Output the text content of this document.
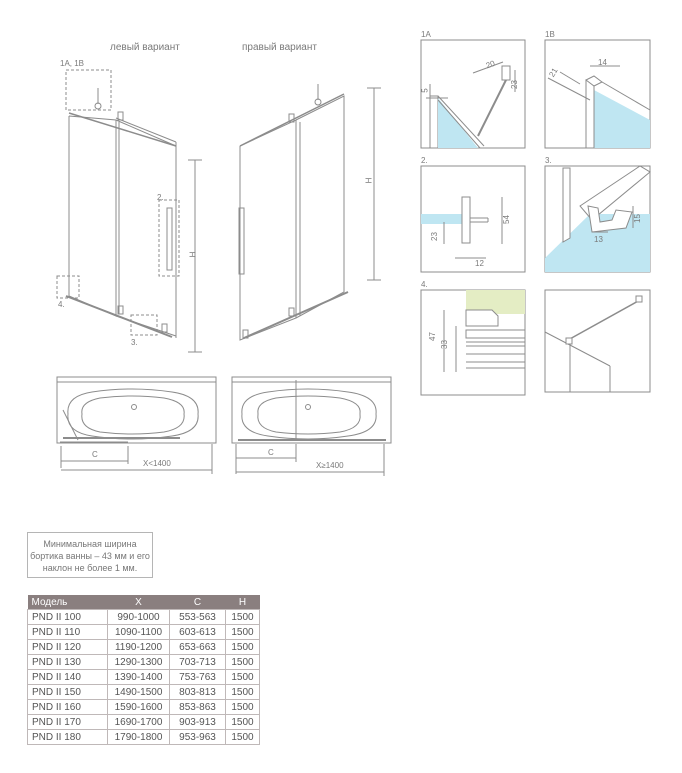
левый вариант	правый вариант
1A, 1B
2.
4.
3.
H
H
C
X<1400
C
X≥1400
1A
20
5
23
1B
14
21
2.
54
23
12
3.
15
13
4.
47
33
Минимальная ширина бортика ванны – 43 мм и его наклон не более 1 мм.
Модель	X	C	H
PND II 100	990-1000	553-563	1500
PND II 110	1090-1100	603-613	1500
PND II 120	1190-1200	653-663	1500
PND II 130	1290-1300	703-713	1500
PND II 140	1390-1400	753-763	1500
PND II 150	1490-1500	803-813	1500
PND II 160	1590-1600	853-863	1500
PND II 170	1690-1700	903-913	1500
PND II 180	1790-1800	953-963	1500
